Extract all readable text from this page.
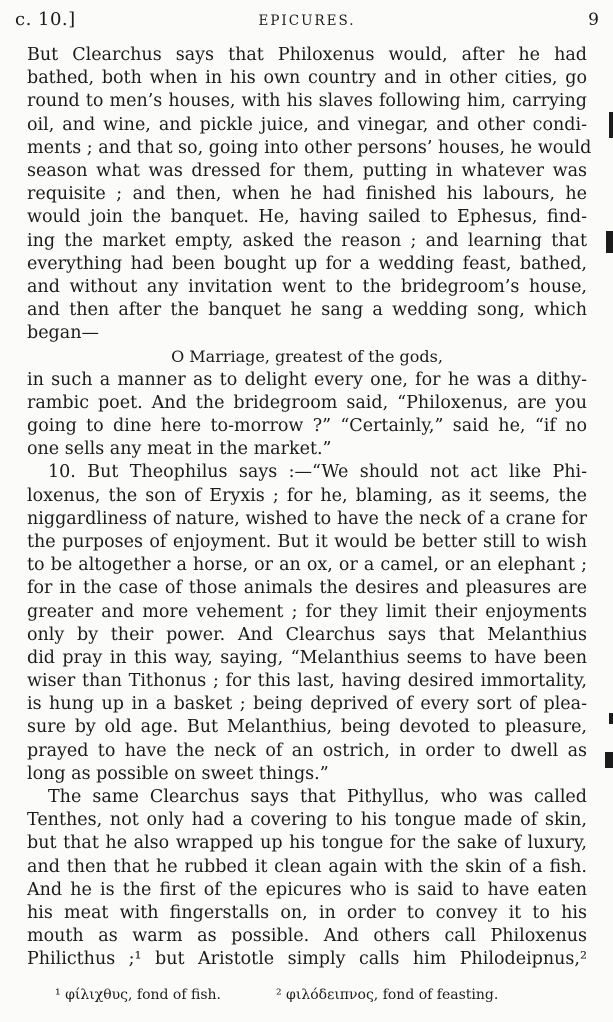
c. 10.]	EPICURES.	9
But Clearchus says that Philoxenus would, after he had
bathed, both when in his own country and in other cities, go
round to men’s houses, with his slaves following him, carrying
oil, and wine, and pickle juice, and vinegar, and other condi-
ments ; and that so, going into other persons’ houses, he would
season what was dressed for them, putting in whatever was
requisite ; and then, when he had finished his labours, he
would join the banquet. He, having sailed to Ephesus, find-
ing the market empty, asked the reason ; and learning that
everything had been bought up for a wedding feast, bathed,
and without any invitation went to the bridegroom’s house,
and then after the banquet he sang a wedding song, which
began—
O Marriage, greatest of the gods,
in such a manner as to delight every one, for he was a dithy-
rambic poet. And the bridegroom said, “Philoxenus, are you
going to dine here to-morrow ?” “Certainly,” said he, “if no
one sells any meat in the market.”
10. But Theophilus says :—“We should not act like Phi-
loxenus, the son of Eryxis ; for he, blaming, as it seems, the
niggardliness of nature, wished to have the neck of a crane for
the purposes of enjoyment. But it would be better still to wish
to be altogether a horse, or an ox, or a camel, or an elephant ;
for in the case of those animals the desires and pleasures are
greater and more vehement ; for they limit their enjoyments
only by their power. And Clearchus says that Melanthius
did pray in this way, saying, “Melanthius seems to have been
wiser than Tithonus ; for this last, having desired immortality,
is hung up in a basket ; being deprived of every sort of plea-
sure by old age. But Melanthius, being devoted to pleasure,
prayed to have the neck of an ostrich, in order to dwell as
long as possible on sweet things.”
The same Clearchus says that Pithyllus, who was called
Tenthes, not only had a covering to his tongue made of skin,
but that he also wrapped up his tongue for the sake of luxury,
and then that he rubbed it clean again with the skin of a fish.
And he is the first of the epicures who is said to have eaten
his meat with fingerstalls on, in order to convey it to his
mouth as warm as possible. And others call Philoxenus
Philicthus ;¹ but Aristotle simply calls him Philodeipnus,²
¹ φίλιχθυς, fond of fish.	² φιλόδειπνος, fond of feasting.
